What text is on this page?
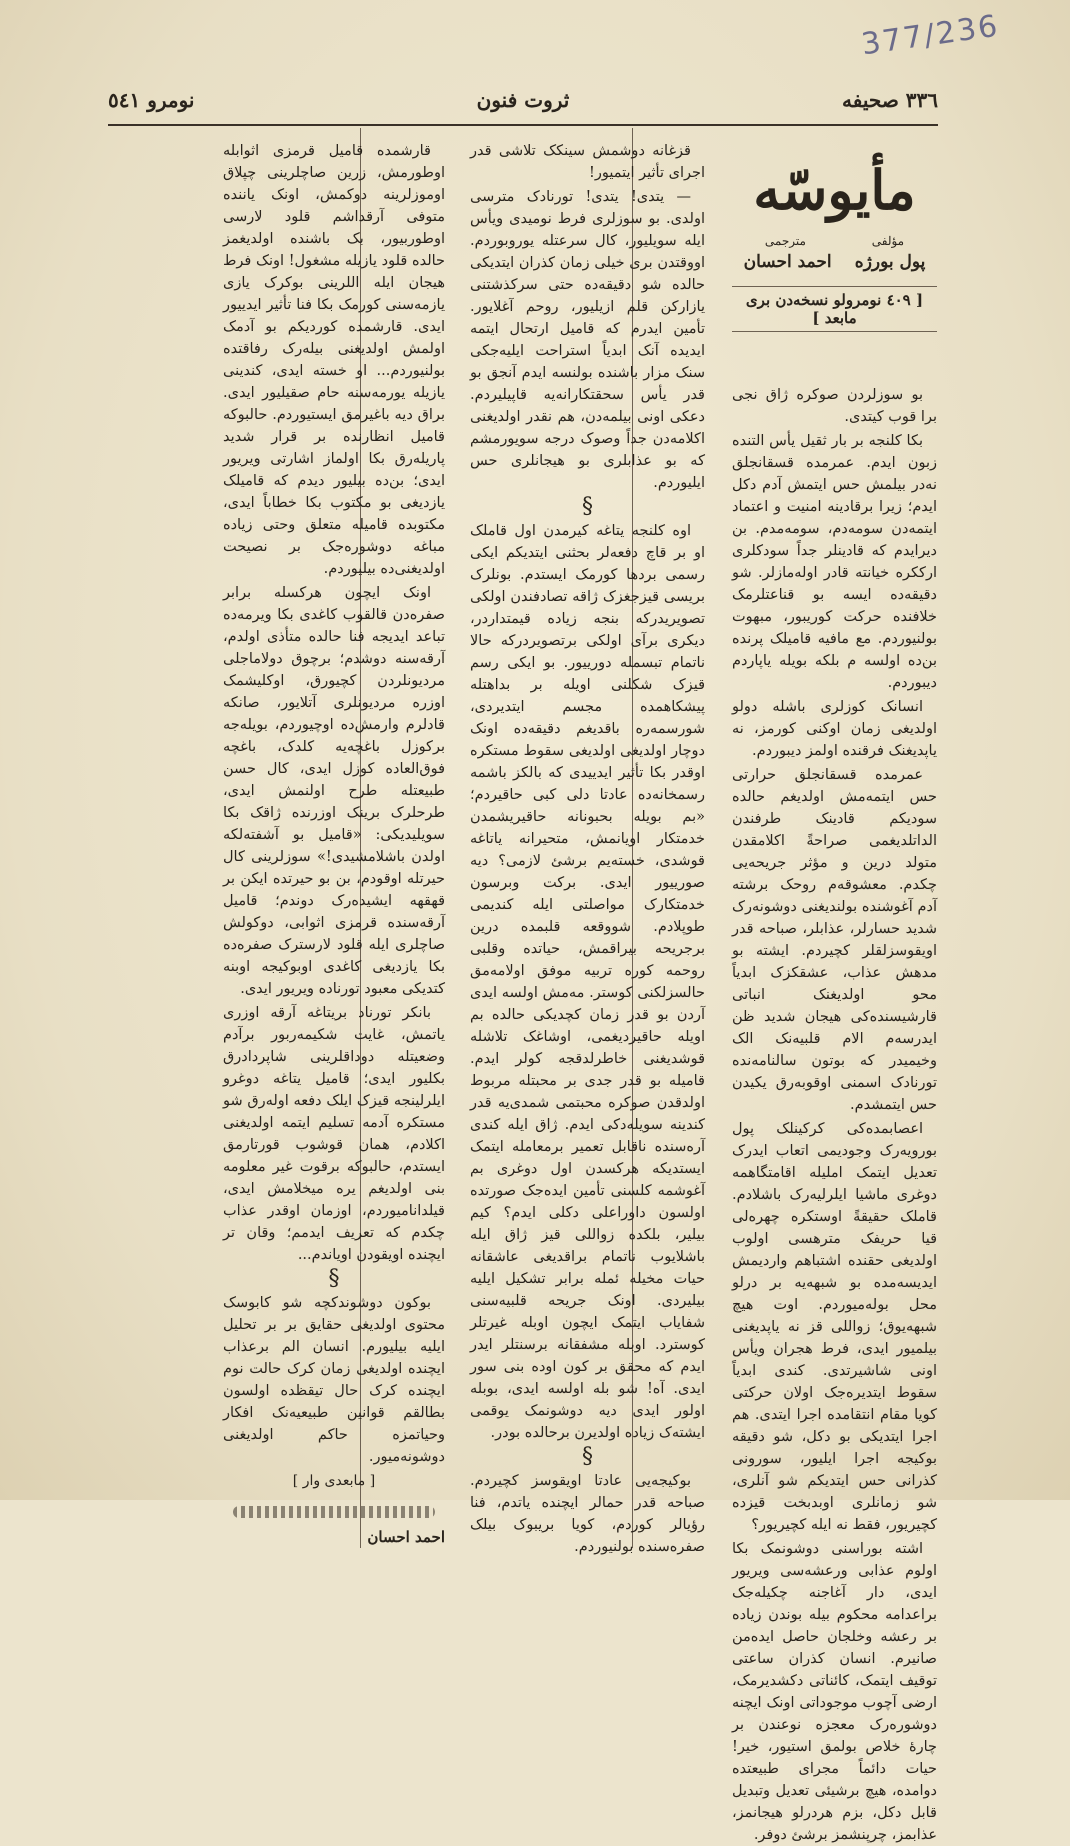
377/236
٣٣٦ صحیفه
ثروت فنون
نومرو ٥٤١
مأیوسّه
مؤلفی
مترجمی
پول بورژه
احمد احسان
[ ٤٠٩ نومرولو نسخه‌دن بری مابعد ]

بو سوزلردن صوکره ژاق نجی برا قوب کیتدی.

بکا کلنجه بر بار ثقیل یأس التنده زبون ایدم. عمرمده قسقانجلق نه‌در بیلمش حس ایتمش آدم دکل ایدم؛ زیرا برقادینه امنیت و اعتماد ایتمه‌دن سومه‌دم، سومه‌مدم. بن دیرایدم که قادینلر جداً سودکلری ارککره خیانته قادر اوله‌مازلر. شو دقیقه‌ده ایسه بو قناعتلرمک خلافنده حرکت کوریبور، مبهوت بولنیوردم. مع مافیه قامیلک پرنده بن‌ده اولسه‌ م بلکه بویله یاپاردم دیبوردم.

انسانک کوزلری باشله دولو اولدیغی زمان اوکنی کورمز، نه یاپدیغنک فرقنده اولمز دیبوردم.

عمرمده قسقانجلق حرارتی حس ایتمه‌مش اولدیغم حالده سودیکم قادینک طرفندن الداتلدیغمی صراحةً اکلامقدن متولد درین و مؤثر جریحه‌یی چکدم. معشوقه‌م روحک برشته آدم آغوشنده بولندیغنی دوشونه‌رک شدید حسارلر، عذابلر، صباحه قدر اویقوسزلقلر کچیردم. ایشته بو مدهش عذاب، عشقکزک ابدیاً محو اولدیغنک انباتی قارشیسنده‌کی هیجان شدید ظن ایدرسه‌م الام قلبیه‌نک الک وخیمیدر که بوتون سالنامه‌نده تورنادک اسمنی اوقوبه‌رق یکیدن حس ایتمشدم.

اعصابمده‌کی کرکینلک پول بورویه‌رک وجودیمی اتعاب ایدرک تعدیل ایتمک املیله اقامتگاهمه دوغری ماشیا ایلرلیه‌رک باشلادم. قاملک حقیقةً اوستکره چهره‌لی قیا حریفک مترهسی اولوب اولدیغی حقنده اشتباهم واردیمش ایدیسه‌مده بو شبهه‌یه بر درلو محل بوله‌میوردم. اوت هیچ شبهه‌یوق؛ زواللی قز نه یاپدیغنی بیلمیور ایدی، فرط هجران ویأس اونی شاشیرتدی. کندی ابدیاً سقوط ایتدیره‌جک اولان حرکتی کویا مقام انتقامده اجرا ایتدی. هم اجرا ایتدیکی بو دکل، شو دقیقه‌ بوکیجه اجرا ایلیور، سورونی کذرانی حس ایتدیکم شو آنلری، شو زمانلری اوبدبخت قیزده کچیریور، فقط نه ایله کچیریور؟

اشته بوراسنی دوشونمک بکا اولوم عذابی ورعشه‌سی ویریور ایدی، دار آغاجنه چکیله‌جک براعدامه محکوم بیله بوندن زیاده بر رعشه وخلجان حاصل ایده‌من صانیرم. انسان کذران ساعتی توقیف ایتمک، کائناتی دکشدیرمک، ارضی آچوب موجوداتی اونک ایچنه دوشوره‌رک معجزه نوعندن بر چارهٔ خلاص بولمق استیور، خیر! حیات دائماً مجرای طبیعتده دوامده، هیچ برشیئی تعدیل وتبدیل قابل دکل، بزم هردرلو هیجانمز، عذابمز، چرپنشمز برشئ دوفر.

قزغانه دوشمش سینکک تلاشی قدر اجرای تأثیر ایتمیور!

— یتدی! یتدی! تورنادک مترسی اولدی. بو سوزلری فرط نومیدی ویأس ایله‌ سویلیور، کال سرعتله یوروبوردم. اووقتدن بری خیلی زمان کذران ایتدیکی حالده شو دقیقه‌ده حتی سرکذشتنی یازارکن قلم ازیلیور، روحم آغلایور. تأمین ایدرم که قامیل ارتحال ایتمه ایدیده آنک ابدیاً استراحت ایلیه‌جکی سنک مزار باشنده بولنسه ایدم آنجق بو قدر یأس سحقتکارانه‌یه قاپیلیردم. دعکی اونی بیلمه‌دن، هم نقدر اولدیغنی اکلامه‌دن جداً وصوک درجه سویورمشم که بو عذابلری بو هیجانلری حس ایلیوردم.

§

اوه کلنجه یتاغه کیرمدن اول قاملک او بر قاچ دفعه‌لر بحثنی ایتدیکم ایکی رسمی بردها کورمک ایستدم. بونلرک بریسی قیزجغزک ژاقه تصادفندن اولکی تصویریدرکه بنجه زیاده قیمتداردر، دیکری برآی اولکی برتصویردرکه حالا ناتمام تبسمله دورییور. بو ایکی رسم قیزک شکلنی اویله بر بداهتله پیشکاهمده مجسم ایتدیردی، شورسمه‌ره باقدیغم دقیقه‌ده اونک دوچار اولدیغی اولدیغی سقوط مستکره اوقدر بکا تأثیر ایدییدی که بالکز باشمه رسمخانه‌ده عادتا دلی کبی حاقیردم؛ «بم بویله بحبونانه حاقیریشمدن خدمتکار اویانمش، متحیرانه یاتاغه قوشدی، خسته‌یم برشئ لازمی؟ دیه صورییور ایدی. برکت وبرسون خدمتکارک مواصلتی ایله کندیمی طوپلادم. شووقعه قلبمده درین برجریحه بیراقمش، حیاتده وقلبی روحمه کوره تربیه موفق اولامه‌مق حالسزلکنی کوستر. مه‌مش اولسه ایدی آردن بو قدر زمان کچدیکی حالده بم اویله حاقیردیغمی، اوشاغک تلاشله قوشدیغنی خاطرلدقجه کولر ایدم. قامیله بو قدر جدی بر محبتله مربوط اولدقدن صوکره محبتمی شمدی‌یه قدر کندینه سویله‌دکی ایدم. ژاق ایله کندی آره‌سنده ناقابل تعمیر برمعامله ایتمک ایستدیکه هرکسدن اول دوغری بم آغوشمه کلسنی تأمین ایده‌جک صورتده اولسون داوراعلی دکلی ایدم؟ کیم بیلیر، بلکده زواللی قیز ژاق ایله باشلایوب ناتمام براقدیغی عاشقانه حیات مخیله‌ ئمله برابر تشکیل ایلیه‌ بیلیردی. اونک جریحه قلبیه‌سنی شفایاب ایتمک ایچون اوبله غیرتلر کوسترد. اوبله مشفقانه برسنتلر ایدر ایدم که محقق بر کون اوده بنی سور ایدی. آه! شو بله اولسه ایدی، بوبله اولور ایدی دیه دوشونمک یوقمی ایشته‌ک زیاده اولدیرن برحالده بودر.

§

بوکیجه‌یی عادتا اویقوسز کچیردم. صباحه قدر حمالر ایچنده یاتدم، فنا رؤیالر کوردم، کویا بریبوک بیلک صفره‌سنده بولنیوردم.

قارشمده قامیل قرمزی اثوابله اوطورمش، زرین صاچلرینی چپلاق اوموزلرینه دوکمش، اونک یاننده متوفی آرقداشم قلود لارسی اوطوربیور، بک باشنده اولدیغمز حالده قلود یازیله مشغول! اونک فرط هیجان ایله اللرینی بوکرک یازی یازمه‌سنی کورمک بکا فنا تأثیر ایدییور ایدی. قارشمده کوردیکم بو آدمک اولمش اولدیغنی بیلەرک رفاقتده بولنیوردم... او خسته ایدی، کندینی یازیله یورمه‌سنه حام صقیلیور ایدی. براق دیه باغیرمق ایستیوردم. حالبوکه قامیل انظارنده بر قرار شدید پاریله‌رق بکا اولماز اشارتی ویریور ایدی؛ بن‌ده بیلیور دیدم که قامیلک یازدیغی بو مکتوب بکا خطاباً ایدی، مکتوبده قامیله متعلق وحتی زیاده مباغه دوشوره‌جک بر نصیحت اولدیغنی‌ده بیلیوردم.

اونک ایچون هرکسله برابر صفره‌دن قالقوب کاغدی بکا ویرمه‌ده تباعد ایدیجه فنا حالده متأذی اولدم، آرقه‌سنه دوشدم؛ برچوق دولاماجلی مردیونلردن کچیورق، اوکلیشمک اوزره مردیونلری آتلایور، صانکه قادلرم وارمش‌ده اوچیوردم، بویله‌جه برکوزل باغچه‌یه کلدک، باغچه فوق‌العاده کوزل ایدی، کال حسن طبیعتله طرح اولنمش ایدی، طرحلرک برینک اوزرنده ژاقک بکا سویلیدیکی: «قامیل بو آشفته‌لکه اولدن باشلامشیدی!» سوزلرینی کال حیرتله اوقودم، بن بو حیرتده ایکن بر قهقهه ایشیده‌رک دوندم؛ قامیل آرقه‌سنده قرمزی اثوابی، دوکولش صاچلری ایله قلود لارسترک صفره‌ده بکا یازدیغی کاغدی اوبوکیجه اوبنه کتدیکی معبود تورناده ویریور ایدی.

بانکر تورناد بریتاغه آرقه اوزری یاتمش، غایت شکیمه‌ربور برآدم وضعیتله دوداقلرینی شاپردادرق بکلیور ایدی؛ قامیل یتاغه دوغرو ایلرلینجه قیزک ایلک دفعه اولەرق شو مستکره آدمه تسلیم ایتمه اولدیغنی اکلادم، همان قوشوب قورتارمق ایستدم، حالبوکه برقوت غیر معلومه بنی اولدیغم یره میخلامش ایدی، قیلدانامیوردم، اوزمان اوقدر عذاب چکدم که تعریف ایدمم؛ وقان تر ایچنده اویقودن اویاندم...

§

بوکون دوشوندکچه شو کابوسک محتوی اولدیغی حقایق بر بر تحلیل ایلیه بیلیورم. انسان الم برعذاب ایچنده اولدیغی زمان کرک حالت نوم ایچنده کرک حال تیقظده اولسون بطالقم قوانین طبیعیه‌نک افکار وحیاتمزه حاکم اولدیغنی دوشونه‌میور.

[ مابعدی وار ]

احمد احسان
